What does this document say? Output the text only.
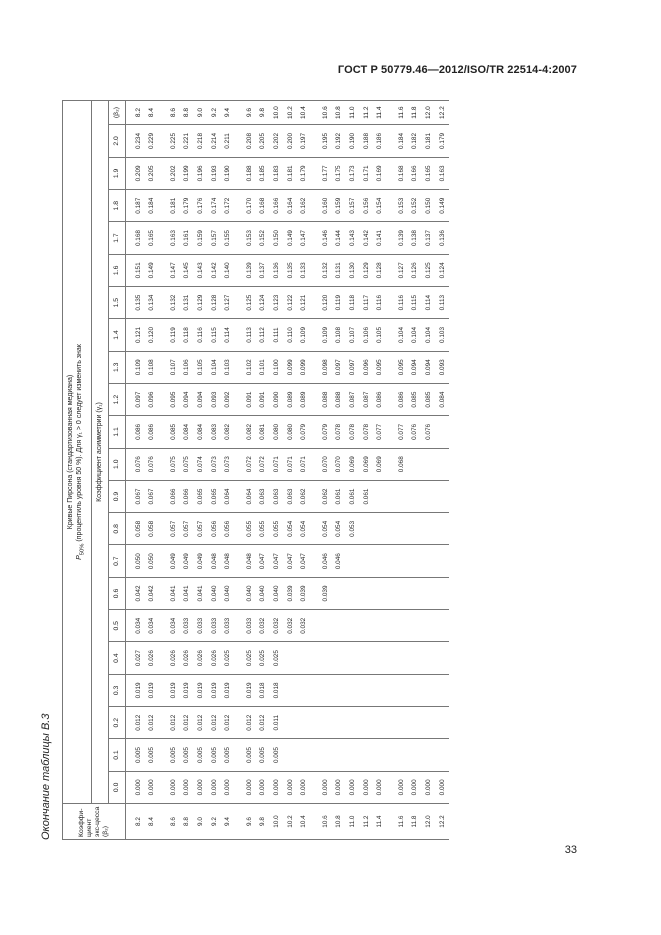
ГОСТ Р 50779.46—2012/ISO/TR 22514-4:2007
Окончание таблицы В.3	Коэффи-циент экс-цесса (β₂)	Кривые Пирсона (стандартизованная медиана)
$P_{50\%}$ (процентиль уровня 50 %). Для γ₁ > 0 следует изменить знак																					

	Коэффициент асимметрии (γ₁)																					
	0.0	0.1	0.2	0.3	0.4	0.5	0.6	0.7	0.8	0.9	1.0	1.1	1.2	1.3	1.4	1.5	1.6	1.7	1.8	1.9	2.0	(β₂)
8.2	0.000	0.005	0.012	0.019	0.027	0.034	0.042	0.050	0.058	0.067	0.076	0.086	0.097	0.109	0.121	0.135	0.151	0.168	0.187	0.209	0.234	8.2
8.4	0.000	0.005	0.012	0.019	0.026	0.034	0.042	0.050	0.058	0.067	0.076	0.086	0.096	0.108	0.120	0.134	0.149	0.165	0.184	0.205	0.229	8.4

8.6	0.000	0.005	0.012	0.019	0.026	0.034	0.041	0.049	0.057	0.066	0.075	0.085	0.095	0.107	0.119	0.132	0.147	0.163	0.181	0.202	0.225	8.6
8.8	0.000	0.005	0.012	0.019	0.026	0.033	0.041	0.049	0.057	0.066	0.075	0.084	0.094	0.106	0.118	0.131	0.145	0.161	0.179	0.199	0.221	8.8
9.0	0.000	0.005	0.012	0.019	0.026	0.033	0.041	0.049	0.057	0.065	0.074	0.084	0.094	0.105	0.116	0.129	0.143	0.159	0.176	0.196	0.218	9.0
9.2	0.000	0.005	0.012	0.019	0.026	0.033	0.040	0.048	0.056	0.065	0.073	0.083	0.093	0.104	0.115	0.128	0.142	0.157	0.174	0.193	0.214	9.2
9.4	0.000	0.005	0.012	0.019	0.025	0.033	0.040	0.048	0.056	0.064	0.073	0.082	0.092	0.103	0.114	0.127	0.140	0.155	0.172	0.190	0.211	9.4

9.6	0.000	0.005	0.012	0.019	0.025	0.033	0.040	0.048	0.055	0.064	0.072	0.082	0.091	0.102	0.113	0.125	0.139	0.153	0.170	0.188	0.208	9.6
9.8	0.000	0.005	0.012	0.018	0.025	0.032	0.040	0.047	0.055	0.063	0.072	0.081	0.091	0.101	0.112	0.124	0.137	0.152	0.168	0.185	0.205	9.8
10.0	0.000	0.005	0.011	0.018	0.025	0.032	0.040	0.047	0.055	0.063	0.071	0.080	0.090	0.100	0.111	0.123	0.136	0.150	0.166	0.183	0.202	10.0
10.2	0.000					0.032	0.039	0.047	0.054	0.063	0.071	0.080	0.089	0.099	0.110	0.122	0.135	0.149	0.164	0.181	0.200	10.2
10.4	0.000					0.032	0.039	0.047	0.054	0.062	0.071	0.079	0.089	0.099	0.109	0.121	0.133	0.147	0.162	0.179	0.197	10.4

10.6	0.000						0.039	0.046	0.054	0.062	0.070	0.079	0.088	0.098	0.109	0.120	0.132	0.146	0.160	0.177	0.195	10.6
10.8	0.000							0.046	0.054	0.061	0.070	0.078	0.088	0.097	0.108	0.119	0.131	0.144	0.159	0.175	0.192	10.8
11.0	0.000								0.053	0.061	0.069	0.078	0.087	0.097	0.107	0.118	0.130	0.143	0.157	0.173	0.190	11.0
11.2	0.000									0.061	0.069	0.078	0.087	0.096	0.106	0.117	0.129	0.142	0.156	0.171	0.188	11.2
11.4	0.000										0.069	0.077	0.086	0.095	0.105	0.116	0.128	0.141	0.154	0.169	0.186	11.4

11.6	0.000										0.068	0.077	0.086	0.095	0.104	0.116	0.127	0.139	0.153	0.168	0.184	11.6
11.8	0.000											0.076	0.085	0.094	0.104	0.115	0.126	0.138	0.152	0.166	0.182	11.8
12.0	0.000											0.076	0.085	0.094	0.104	0.114	0.125	0.137	0.150	0.165	0.181	12.0
12.2	0.000												0.084	0.093	0.103	0.113	0.124	0.136	0.149	0.163	0.179	12.2
33
